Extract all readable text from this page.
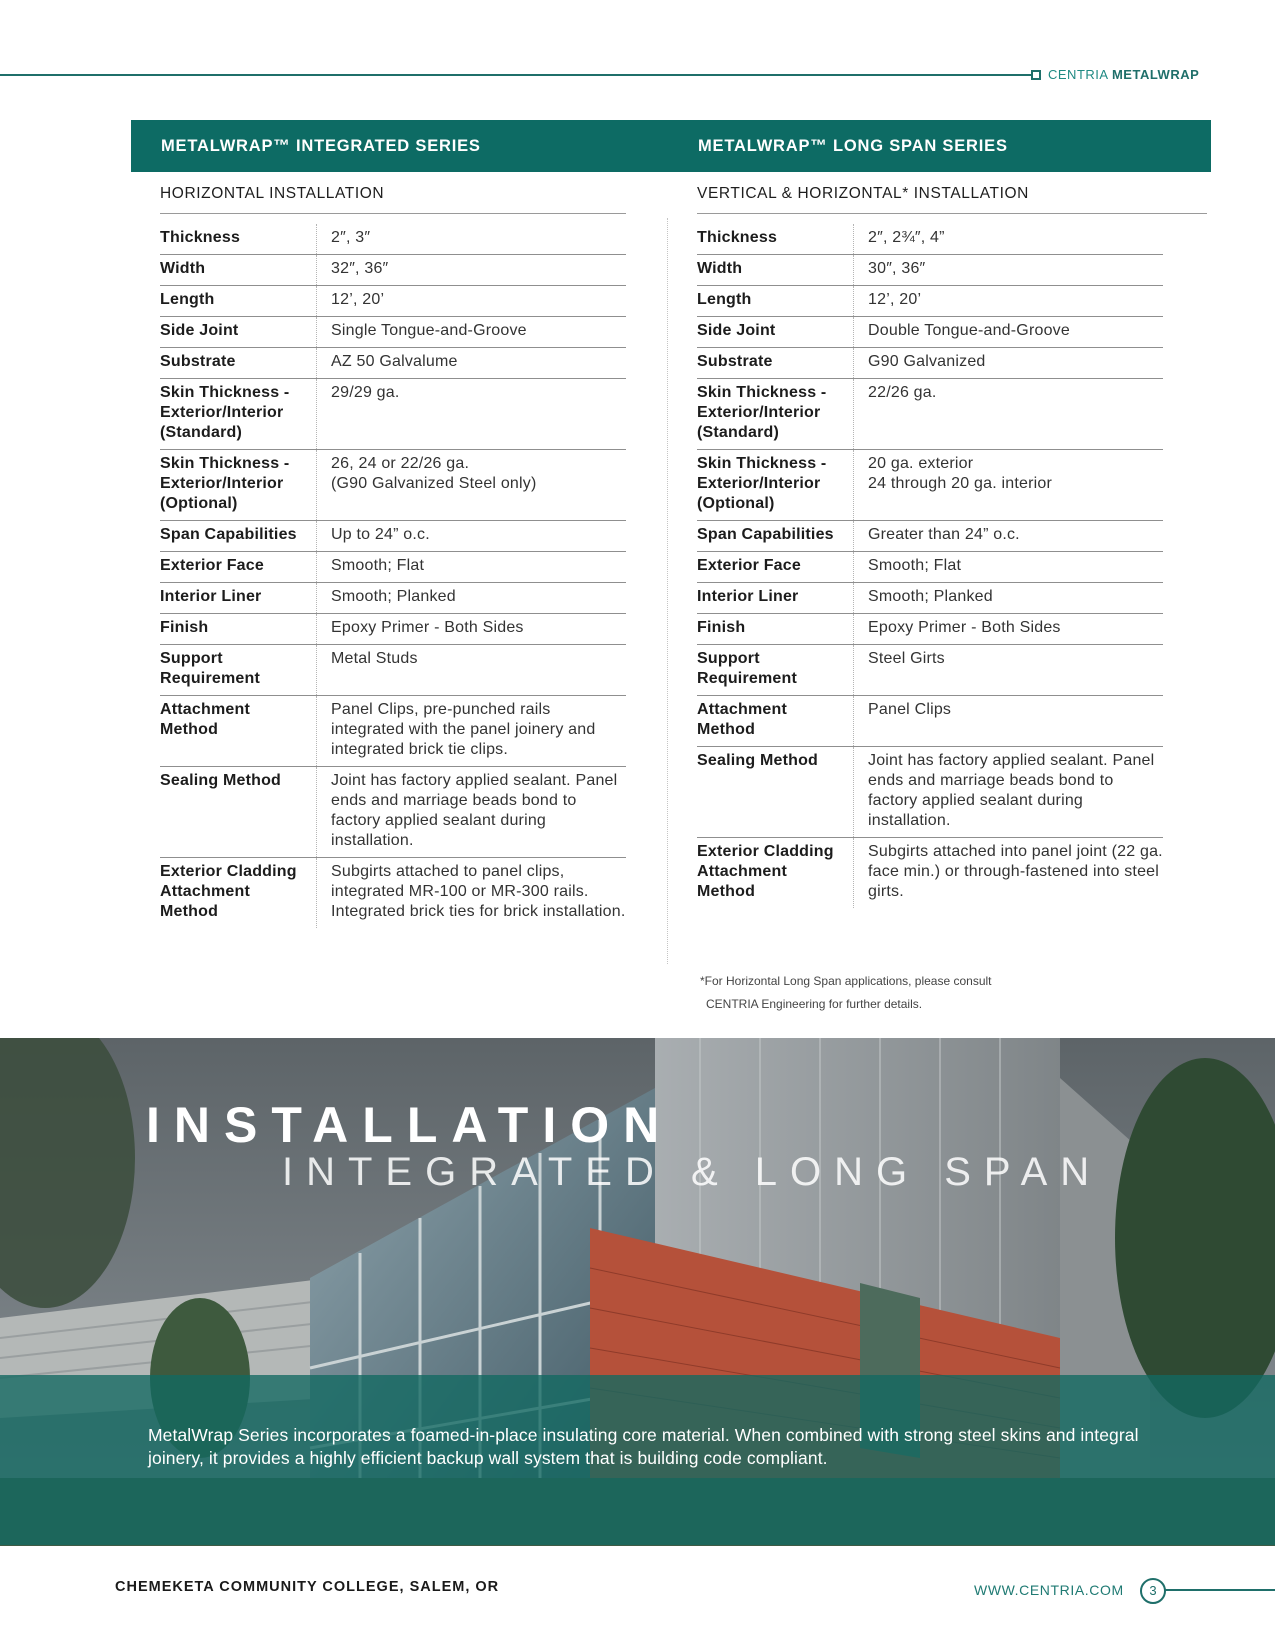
CENTRIA METALWRAP
METALWRAP™ INTEGRATED SERIES	METALWRAP™ LONG SPAN SERIES
HORIZONTAL INSTALLATION
Thickness	2″, 3″
Width	32″, 36″
Length	12’, 20’
Side Joint	Single Tongue-and-Groove
Substrate	AZ 50 Galvalume
Skin Thickness - Exterior/Interior (Standard)	29/29 ga.
Skin Thickness - Exterior/Interior (Optional)	26, 24 or 22/26 ga.
(G90 Galvanized Steel only)
Span Capabilities	Up to 24” o.c.
Exterior Face	Smooth; Flat
Interior Liner	Smooth; Planked
Finish	Epoxy Primer - Both Sides
Support Requirement	Metal Studs
Attachment Method	Panel Clips, pre-punched rails integrated with the panel joinery and integrated brick tie clips.
Sealing Method	Joint has factory applied sealant. Panel ends and marriage beads bond to factory applied sealant during installation.
Exterior Cladding Attachment Method	Subgirts attached to panel clips, integrated MR-100 or MR-300 rails. Integrated brick ties for brick installation.
VERTICAL & HORIZONTAL* INSTALLATION
Thickness	2″, 2¾″, 4”
Width	30″, 36″
Length	12’, 20’
Side Joint	Double Tongue-and-Groove
Substrate	G90 Galvanized
Skin Thickness - Exterior/Interior (Standard)	22/26 ga.
Skin Thickness - Exterior/Interior (Optional)	20 ga. exterior
24 through 20 ga. interior
Span Capabilities	Greater than 24” o.c.
Exterior Face	Smooth; Flat
Interior Liner	Smooth; Planked
Finish	Epoxy Primer - Both Sides
Support Requirement	Steel Girts
Attachment Method	Panel Clips
Sealing Method	Joint has factory applied sealant. Panel ends and marriage beads bond to factory applied sealant during installation.
Exterior Cladding Attachment Method	Subgirts attached into panel joint (22 ga. face min.) or through-fastened into steel girts.
*For Horizontal Long Span applications, please consult
CENTRIA Engineering for further details.
INSTALLATION
INTEGRATED & LONG SPAN

MetalWrap Series incorporates a foamed-in-place insulating core material. When combined with strong steel skins and integral joinery, it provides a highly efficient backup wall system that is building code compliant.

CHEMEKETA COMMUNITY COLLEGE, SALEM, OR	WWW.CENTRIA.COM	3
